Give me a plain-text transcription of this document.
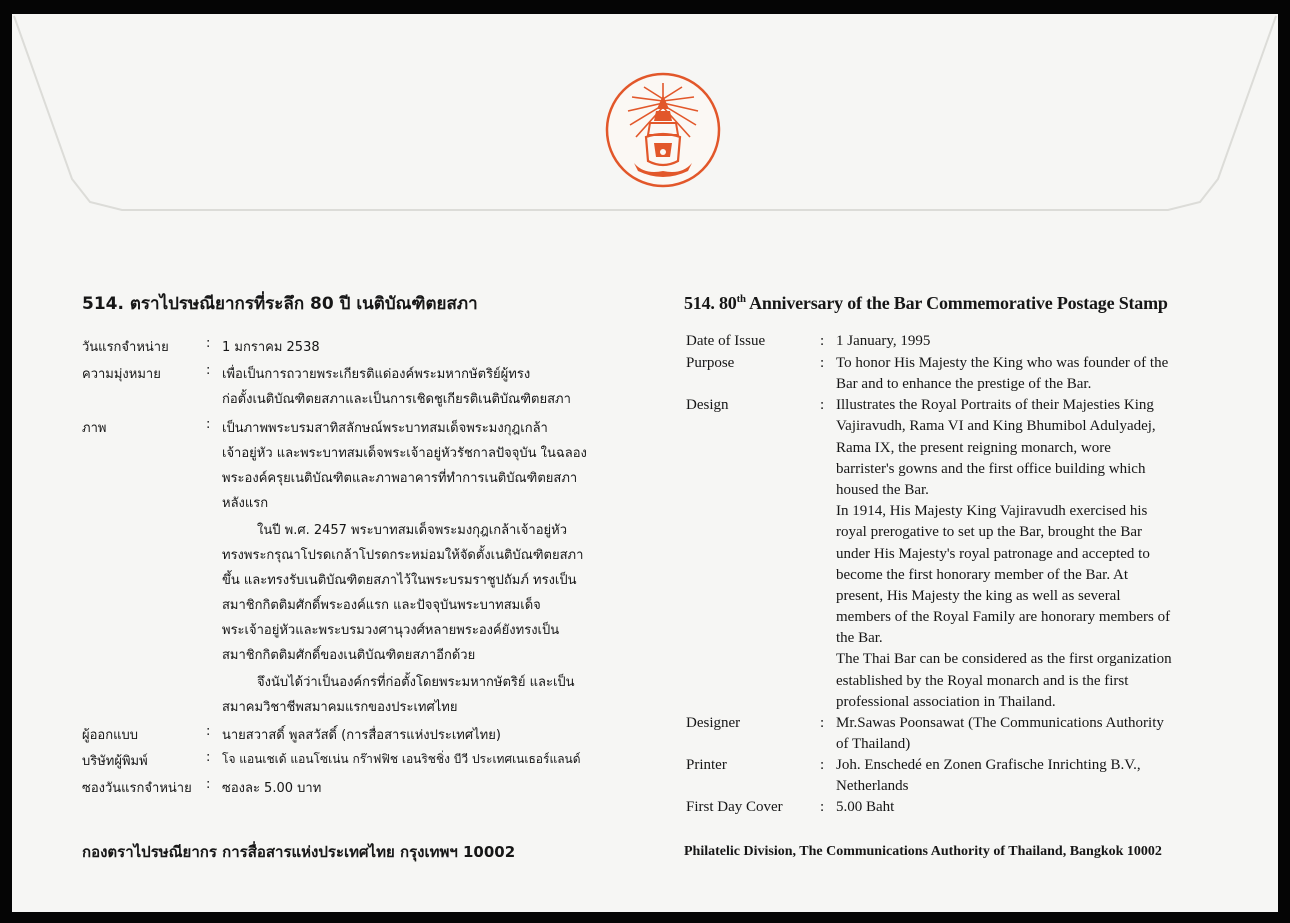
514. ตราไปรษณียากรที่ระลึก 80 ปี เนติบัณฑิตยสภา
วันแรกจำหน่าย	: 1 มกราคม 2538
ความมุ่งหมาย	: เพื่อเป็นการถวายพระเกียรติแด่องค์พระมหากษัตริย์ผู้ทรง
ก่อตั้งเนติบัณฑิตยสภาและเป็นการเชิดชูเกียรติเนติบัณฑิตยสภา
ภาพ	: เป็นภาพพระบรมสาทิสลักษณ์พระบาทสมเด็จพระมงกุฎเกล้า
เจ้าอยู่หัว และพระบาทสมเด็จพระเจ้าอยู่หัวรัชกาลปัจจุบัน ในฉลอง
พระองค์ครุยเนติบัณฑิตและภาพอาคารที่ทำการเนติบัณฑิตยสภา
หลังแรก
ในปี พ.ศ. 2457 พระบาทสมเด็จพระมงกุฎเกล้าเจ้าอยู่หัว
ทรงพระกรุณาโปรดเกล้าโปรดกระหม่อมให้จัดตั้งเนติบัณฑิตยสภา
ขึ้น และทรงรับเนติบัณฑิตยสภาไว้ในพระบรมราชูปถัมภ์ ทรงเป็น
สมาชิกกิตติมศักดิ์พระองค์แรก และปัจจุบันพระบาทสมเด็จ
พระเจ้าอยู่หัวและพระบรมวงศานุวงศ์หลายพระองค์ยังทรงเป็น
สมาชิกกิตติมศักดิ์ของเนติบัณฑิตยสภาอีกด้วย
จึงนับได้ว่าเป็นองค์กรที่ก่อตั้งโดยพระมหากษัตริย์ และเป็น
สมาคมวิชาชีพสมาคมแรกของประเทศไทย
ผู้ออกแบบ	: นายสวาสดิ์ พูลสวัสดิ์ (การสื่อสารแห่งประเทศไทย)
บริษัทผู้พิมพ์	: โจ แอนเชเด้ แอนโซเน่น กร๊าฟฟิช เอนริชชิ่ง บีวี ประเทศเนเธอร์แลนด์
ซองวันแรกจำหน่าย : ซองละ 5.00 บาท
กองตราไปรษณียากร การสื่อสารแห่งประเทศไทย กรุงเทพฯ 10002
514. 80th Anniversary of the Bar Commemorative Postage Stamp
Date of Issue	: 1 January, 1995
Purpose	: To honor His Majesty the King who was founder of the
Bar and to enhance the prestige of the Bar.
Design	: Illustrates the Royal Portraits of their Majesties King
Vajiravudh, Rama VI and King Bhumibol Adulyadej,
Rama IX, the present reigning monarch, wore
barrister's gowns and the first office building which
housed the Bar.
In 1914, His Majesty King Vajiravudh exercised his
royal prerogative to set up the Bar, brought the Bar
under His Majesty's royal patronage and accepted to
become the first honorary member of the Bar. At
present, His Majesty the king as well as several
members of the Royal Family are honorary members of
the Bar.
The Thai Bar can be considered as the first organization
established by the Royal monarch and is the first
professional association in Thailand.
Designer	: Mr.Sawas Poonsawat (The Communications Authority
of Thailand)
Printer	: Joh. Enschedé en Zonen Grafische Inrichting B.V.,
Netherlands
First Day Cover : 5.00 Baht
Philatelic Division, The Communications Authority of Thailand, Bangkok 10002
